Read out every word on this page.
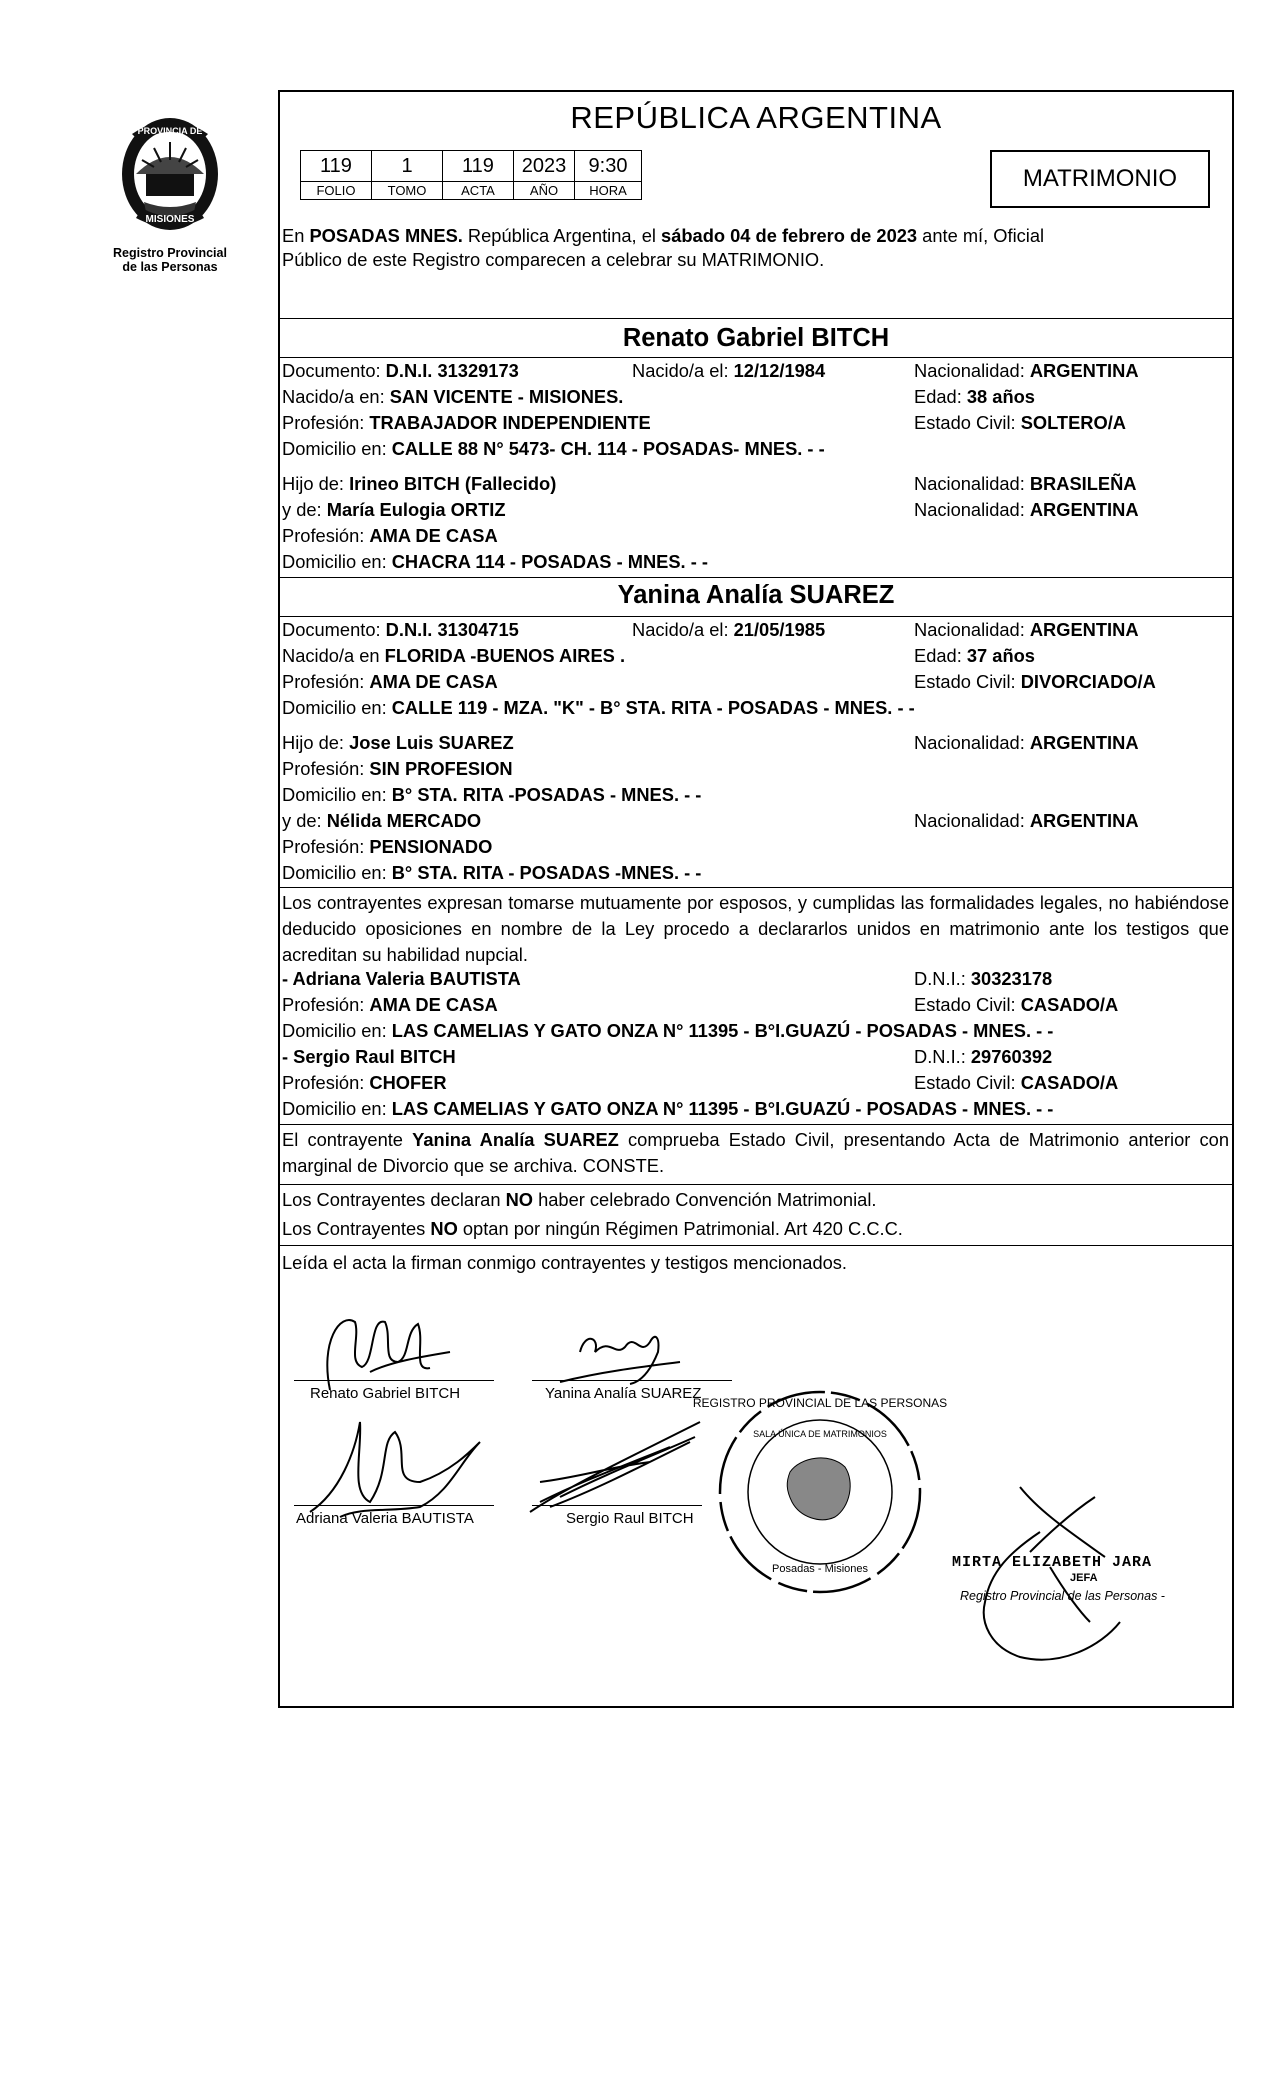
PROVINCIA DE
MISIONES
Registro Provincial
de las Personas
REPÚBLICA ARGENTINA
119	1	119	2023	9:30
FOLIO	TOMO	ACTA	AÑO	HORA	MATRIMONIO
En POSADAS MNES. República Argentina, el sábado 04 de febrero de 2023 ante mí, Oficial
Público de este Registro comparecen a celebrar su MATRIMONIO.
Renato Gabriel BITCH
Documento: D.N.I. 31329173	Nacido/a el: 12/12/1984	Nacionalidad: ARGENTINA
Nacido/a en: SAN VICENTE - MISIONES.	Edad: 38 años
Profesión: TRABAJADOR INDEPENDIENTE	Estado Civil: SOLTERO/A
Domicilio en: CALLE 88 N° 5473- CH. 114 - POSADAS- MNES. - -
Hijo de: Irineo BITCH (Fallecido)	Nacionalidad: BRASILEÑA
y de: María Eulogia ORTIZ	Nacionalidad: ARGENTINA
Profesión: AMA DE CASA
Domicilio en: CHACRA 114 - POSADAS - MNES. - -
Yanina Analía SUAREZ
Documento: D.N.I. 31304715	Nacido/a el: 21/05/1985	Nacionalidad: ARGENTINA
Nacido/a en FLORIDA -BUENOS AIRES .	Edad: 37 años
Profesión: AMA DE CASA	Estado Civil: DIVORCIADO/A
Domicilio en: CALLE 119 - MZA. "K" - B° STA. RITA - POSADAS - MNES. - -
Hijo de: Jose Luis SUAREZ	Nacionalidad: ARGENTINA
Profesión: SIN PROFESION
Domicilio en: B° STA. RITA -POSADAS - MNES. - -
y de: Nélida MERCADO	Nacionalidad: ARGENTINA
Profesión: PENSIONADO
Domicilio en: B° STA. RITA - POSADAS -MNES. - -
Los contrayentes expresan tomarse mutuamente por esposos, y cumplidas las formalidades legales, no habiéndose deducido oposiciones en nombre de la Ley procedo a declararlos unidos en matrimonio ante los testigos que acreditan su habilidad nupcial.
- Adriana Valeria BAUTISTA	D.N.I.: 30323178
Profesión: AMA DE CASA	Estado Civil: CASADO/A
Domicilio en: LAS CAMELIAS Y GATO ONZA N° 11395 - B°I.GUAZÚ - POSADAS - MNES. - -
- Sergio Raul BITCH	D.N.I.: 29760392
Profesión: CHOFER	Estado Civil: CASADO/A
Domicilio en: LAS CAMELIAS Y GATO ONZA N° 11395 - B°I.GUAZÚ - POSADAS - MNES. - -
El contrayente Yanina Analía SUAREZ comprueba Estado Civil, presentando Acta de Matrimonio anterior con marginal de Divorcio que se archiva. CONSTE.
Los Contrayentes declaran NO haber celebrado Convención Matrimonial.
Los Contrayentes NO optan por ningún Régimen Patrimonial. Art 420 C.C.C.
Leída el acta la firman conmigo contrayentes y testigos mencionados.
Renato Gabriel BITCH	Yanina Analía SUAREZ
Adriana Valeria BAUTISTA	Sergio Raul BITCH
REGISTRO PROVINCIAL DE LAS PERSONAS
SALA ÚNICA DE MATRIMONIOS
Posadas - Misiones	MIRTA ELIZABETH JARA
JEFA
Registro Provincial de las Personas -
